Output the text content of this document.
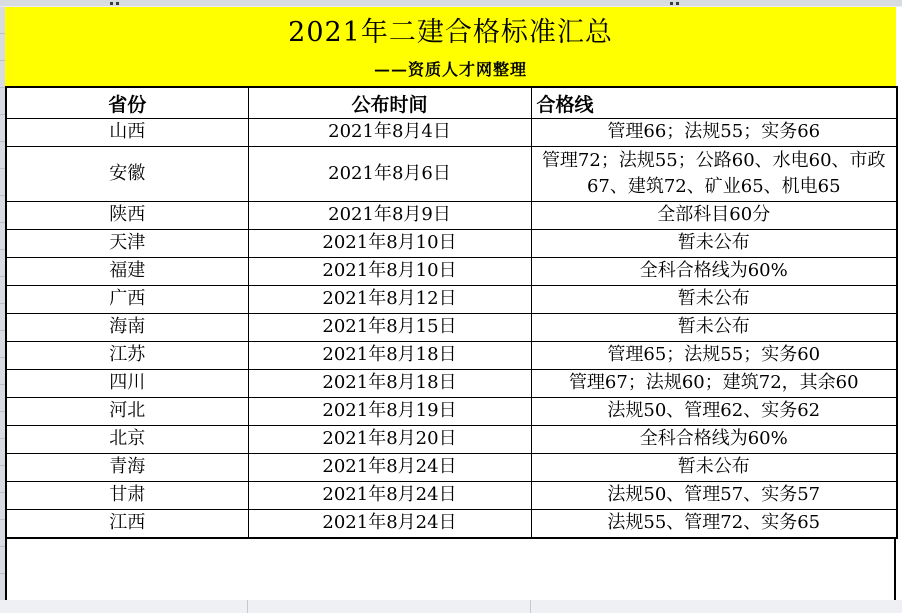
2021年二建合格标准汇总
——资质人才网整理
省份	公布时间	合格线
山西	2021年8月4日	管理66；法规55；实务66
安徽	2021年8月6日	管理72；法规55；公路60、水电60、市政67、建筑72、矿业65、机电65
陕西	2021年8月9日	全部科目60分
天津	2021年8月10日	暂未公布
福建	2021年8月10日	全科合格线为60%
广西	2021年8月12日	暂未公布
海南	2021年8月15日	暂未公布
江苏	2021年8月18日	管理65；法规55；实务60
四川	2021年8月18日	管理67；法规60；建筑72，其余60
河北	2021年8月19日	法规50、管理62、实务62
北京	2021年8月20日	全科合格线为60%
青海	2021年8月24日	暂未公布
甘肃	2021年8月24日	法规50、管理57、实务57
江西	2021年8月24日	法规55、管理72、实务65
